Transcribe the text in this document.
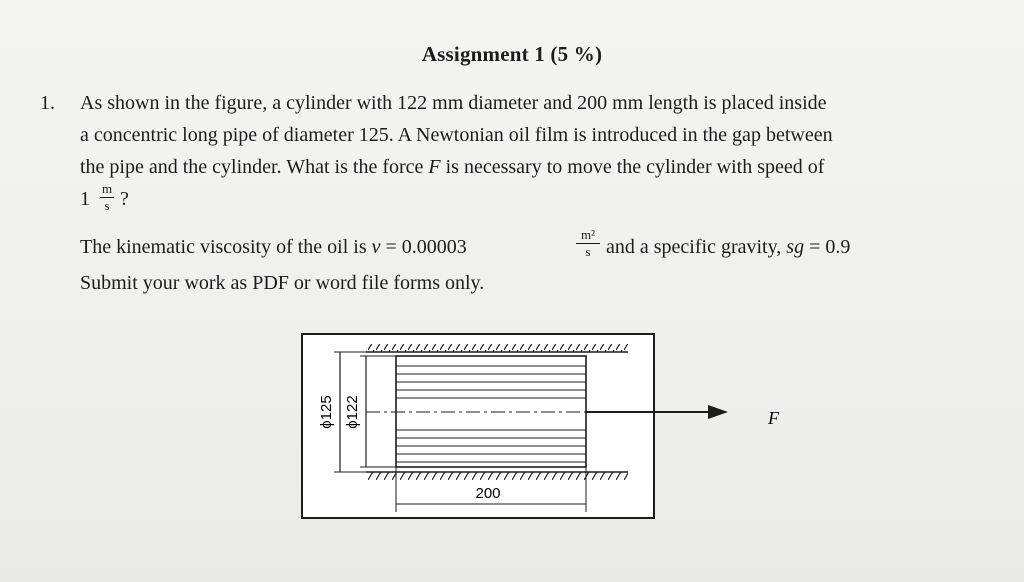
Assignment 1 (5 %)
1. As shown in the figure, a cylinder with 122 mm diameter and 200 mm length is placed inside
a concentric long pipe of diameter 125. A Newtonian oil film is introduced in the gap between
the pipe and the cylinder. What is the force F is necessary to move the cylinder with speed of
1 m
s ?
The kinematic viscosity of the oil is ν = 0.00003
m²
s and a specific gravity, sg = 0.9
Submit your work as PDF or word file forms only.
ϕ125 ϕ122
200
F
